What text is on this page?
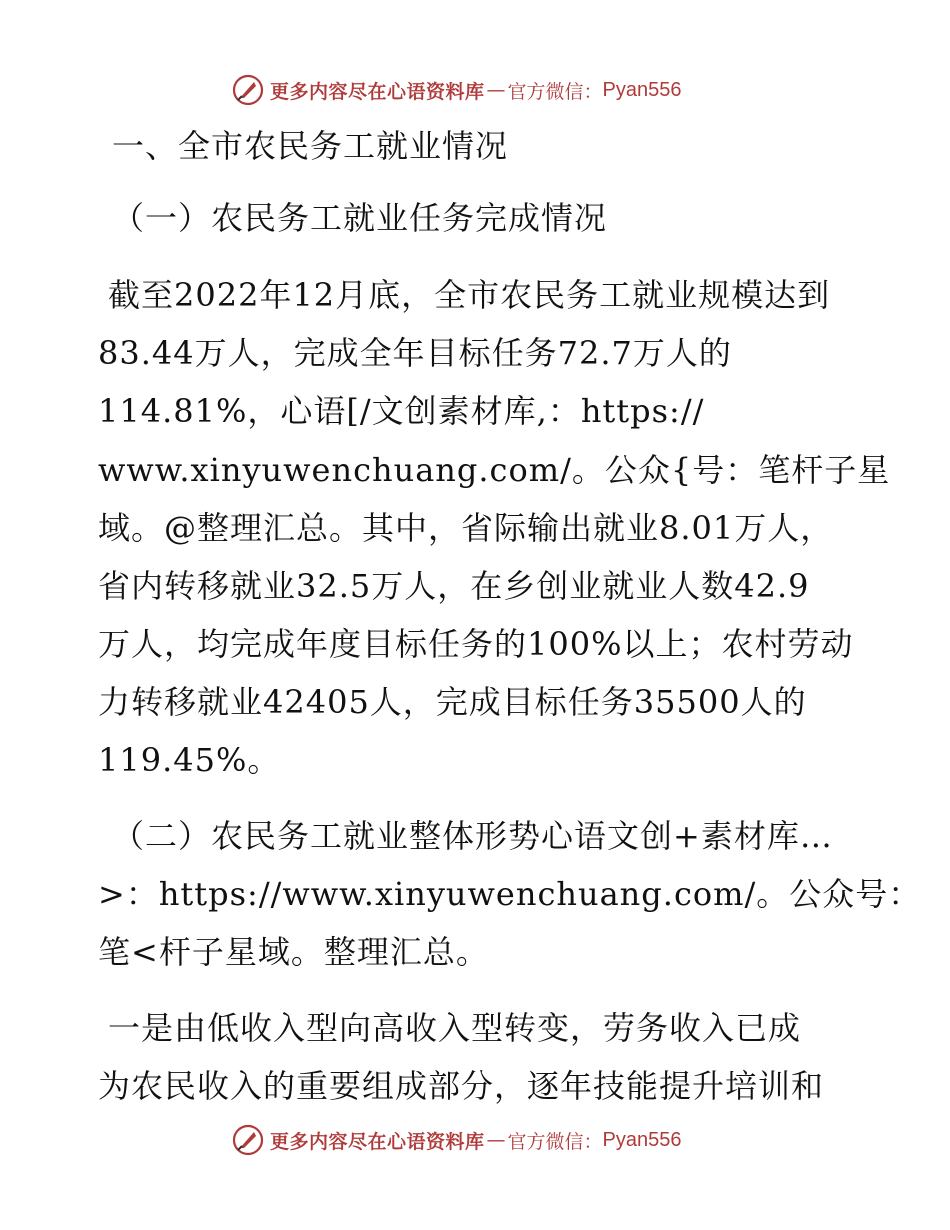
更多内容尽在心语资料库 — 官方微信： Pyan556
一、全市农民务工就业情况
（一）农民务工就业任务完成情况
截至2022年12月底，全市农民务工就业规模达到
83.44万人，完成全年目标任务72.7万人的
114.81%，心语[/文创素材库,：https://
www.xinyuwenchuang.com/。公众{号：笔杆子星
域。@整理汇总。其中，省际输出就业8.01万人，
省内转移就业32.5万人，在乡创业就业人数42.9
万人，均完成年度目标任务的100%以上；农村劳动
力转移就业42405人，完成目标任务35500人的
119.45%。
（二）农民务工就业整体形势心语文创+素材库…
>：https://www.xinyuwenchuang.com/。公众号：
笔<杆子星域。整理汇总。
一是由低收入型向高收入型转变，劳务收入已成
为农民收入的重要组成部分，逐年技能提升培训和
更多内容尽在心语资料库 — 官方微信： Pyan556
